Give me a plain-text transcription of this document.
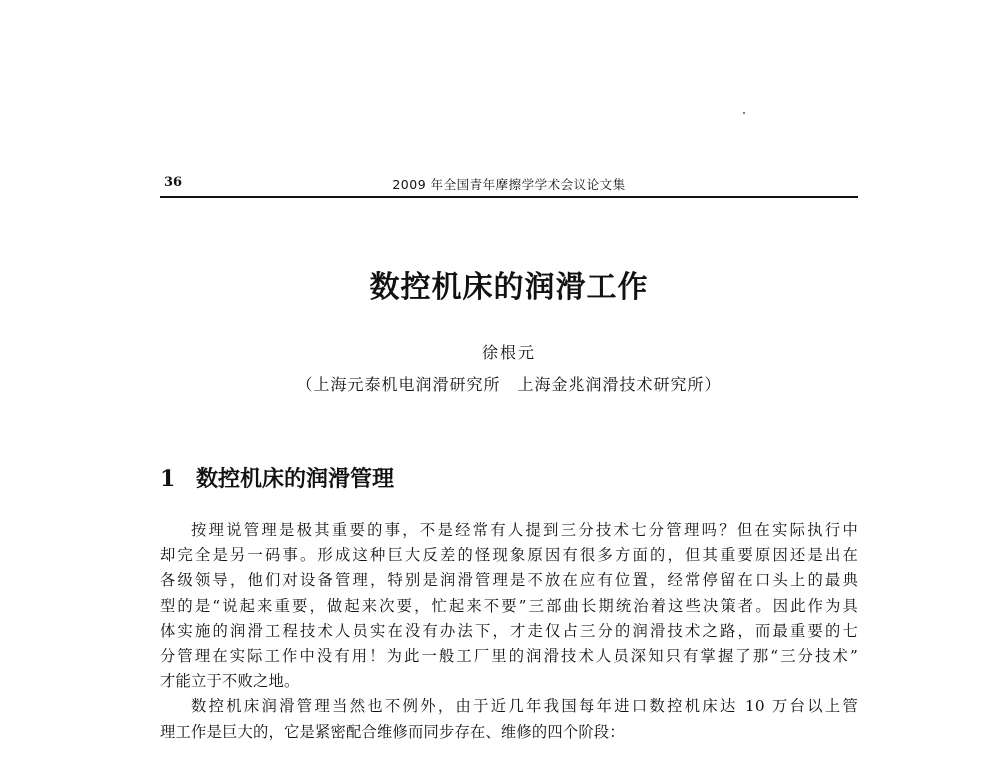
36	2009 年全国青年摩擦学学术会议论文集
数控机床的润滑工作
徐根元
（上海元泰机电润滑研究所　上海金兆润滑技术研究所）
1 数控机床的润滑管理
按理说管理是极其重要的事，不是经常有人提到三分技术七分管理吗？但在实际执行中
却完全是另一码事。形成这种巨大反差的怪现象原因有很多方面的，但其重要原因还是出在
各级领导，他们对设备管理，特别是润滑管理是不放在应有位置，经常停留在口头上的最典
型的是“说起来重要，做起来次要，忙起来不要”三部曲长期统治着这些决策者。因此作为具
体实施的润滑工程技术人员实在没有办法下，才走仅占三分的润滑技术之路，而最重要的七
分管理在实际工作中没有用！为此一般工厂里的润滑技术人员深知只有掌握了那“三分技术”
才能立于不败之地。
数控机床润滑管理当然也不例外，由于近几年我国每年进口数控机床达 10 万台以上管
理工作是巨大的，它是紧密配合维修而同步存在、维修的四个阶段：
